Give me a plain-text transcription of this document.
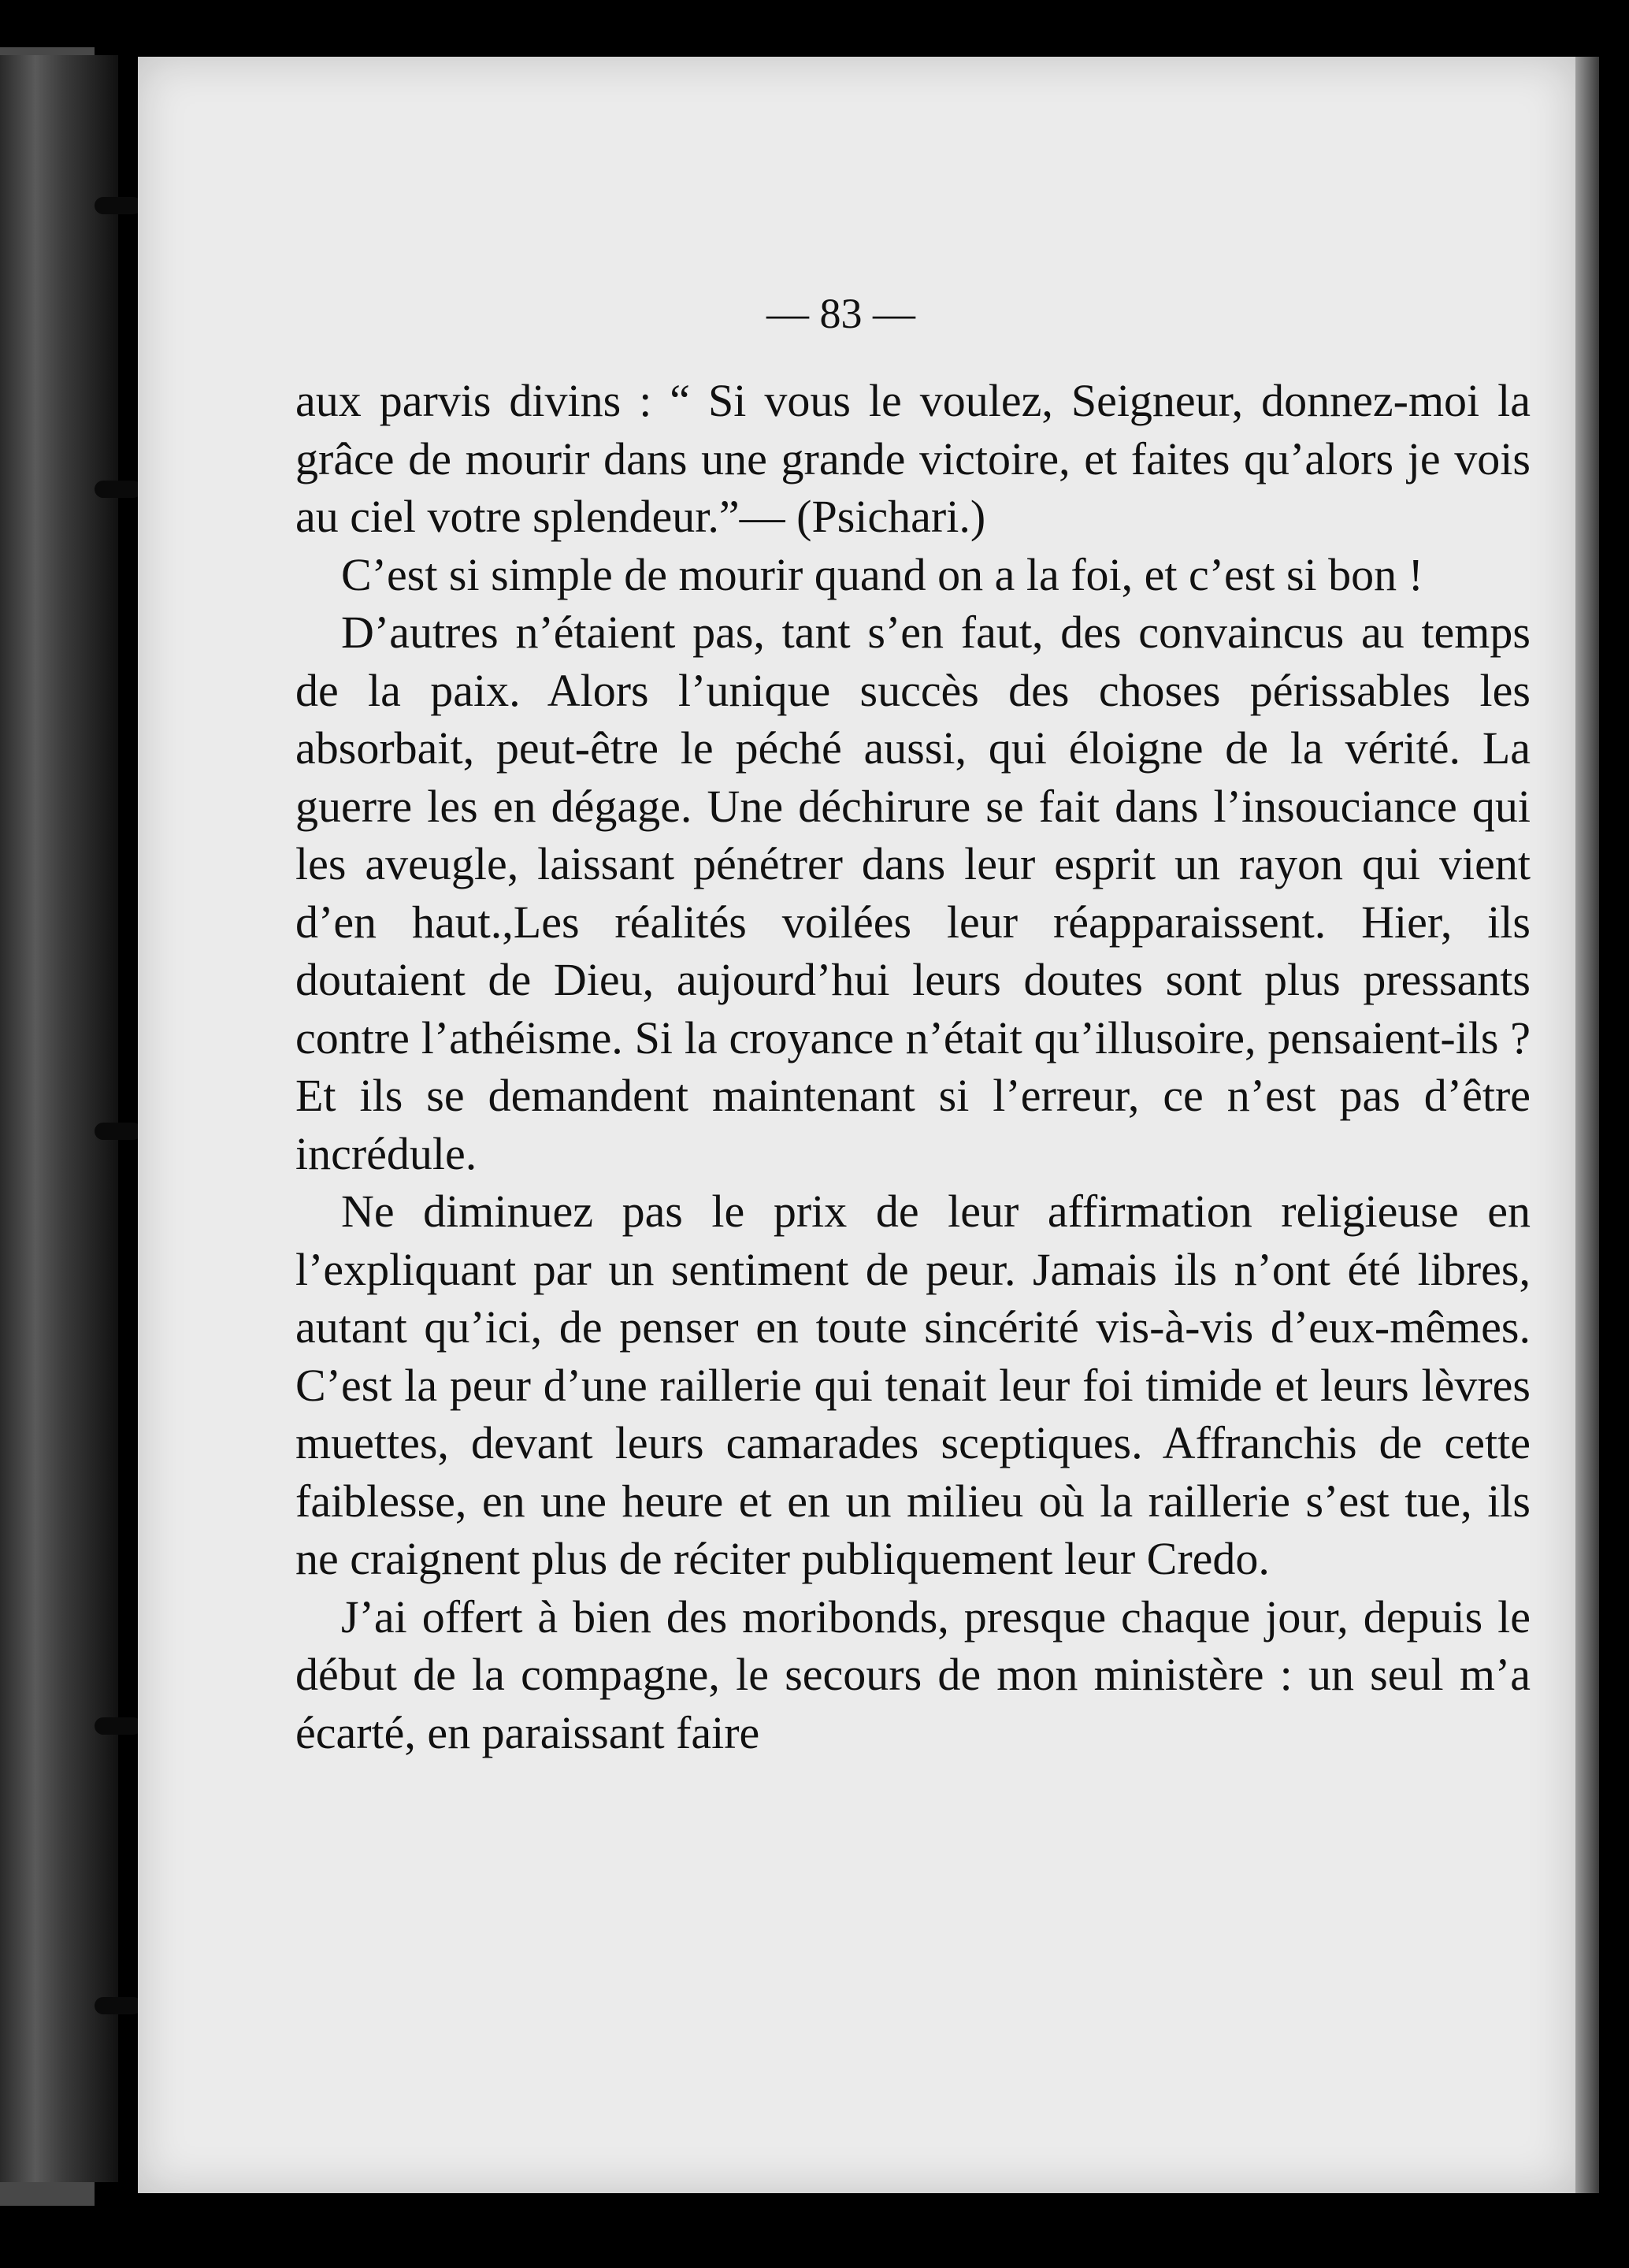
— 83 —

aux parvis divins : “ Si vous le voulez, Seigneur, donnez-moi la grâce de mourir dans une grande victoire, et faites qu’alors je vois au ciel votre splendeur.”— (Psichari.)

C’est si simple de mourir quand on a la foi, et c’est si bon !

D’autres n’étaient pas, tant s’en faut, des convaincus au temps de la paix. Alors l’unique succès des choses périssables les absorbait, peut-être le péché aussi, qui éloigne de la vérité. La guerre les en dégage. Une déchirure se fait dans l’insouciance qui les aveugle, laissant pénétrer dans leur esprit un rayon qui vient d’en haut.,Les réalités voilées leur réapparaissent. Hier, ils doutaient de Dieu, aujourd’hui leurs doutes sont plus pressants contre l’athéisme. Si la croyance n’était qu’illusoire, pensaient-ils ? Et ils se demandent maintenant si l’erreur, ce n’est pas d’être incrédule.

Ne diminuez pas le prix de leur affirmation religieuse en l’expliquant par un sentiment de peur. Jamais ils n’ont été libres, autant qu’ici, de penser en toute sincérité vis-à-vis d’eux-mêmes. C’est la peur d’une raillerie qui tenait leur foi timide et leurs lèvres muettes, devant leurs camarades sceptiques. Affranchis de cette faiblesse, en une heure et en un milieu où la raillerie s’est tue, ils ne craignent plus de réciter publiquement leur Credo.

J’ai offert à bien des moribonds, presque chaque jour, depuis le début de la compagne, le secours de mon ministère : un seul m’a écarté, en paraissant faire
